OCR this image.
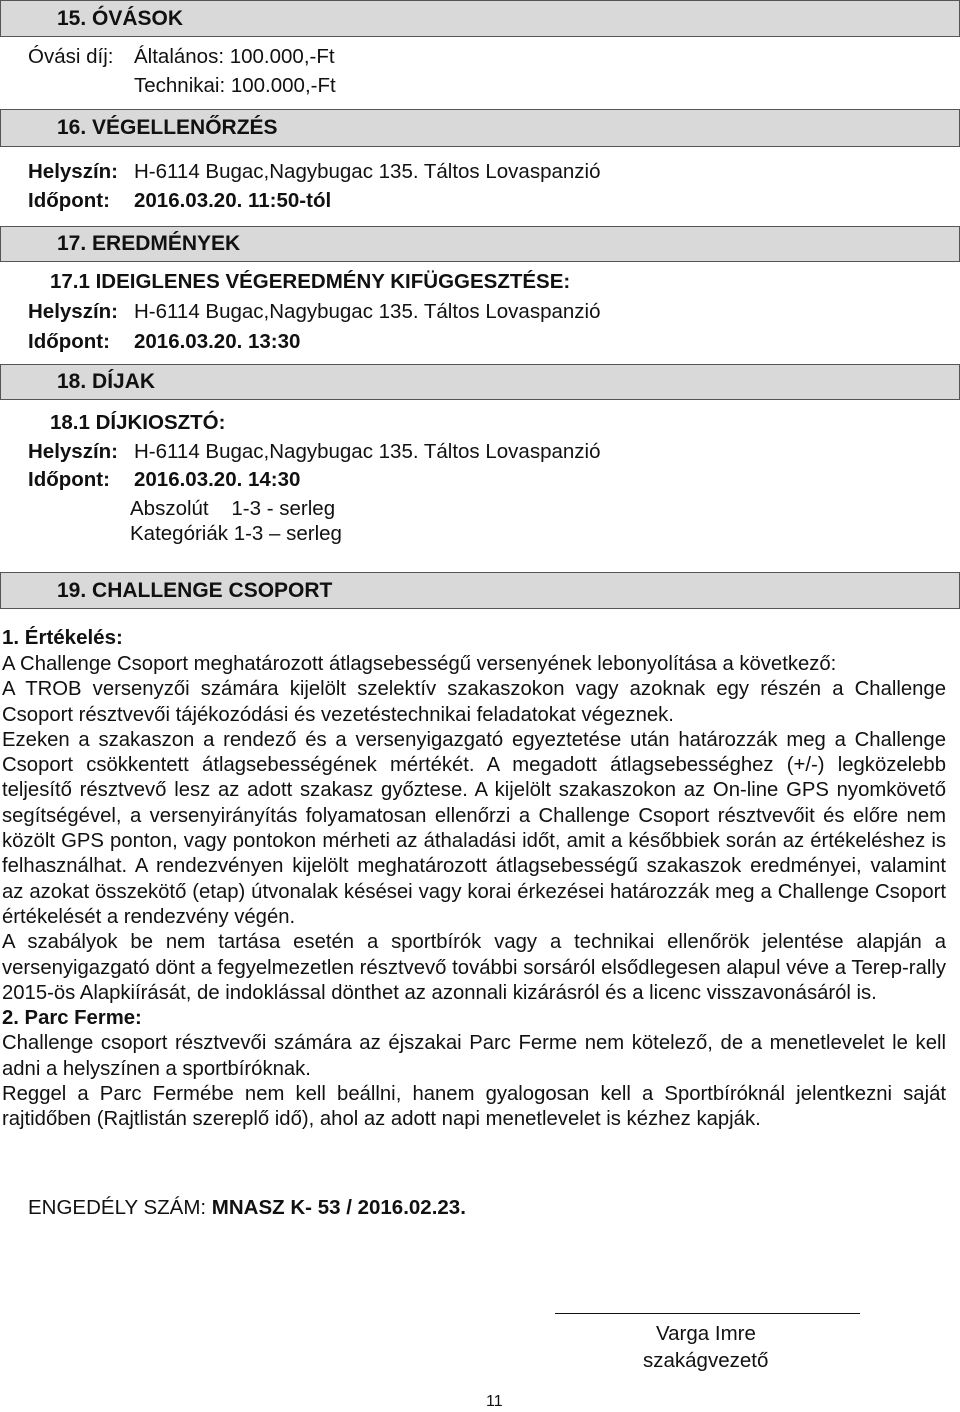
15. ÓVÁSOK
Óvási díj: Általános: 100.000,-Ft
Technikai: 100.000,-Ft
16. VÉGELLENŐRZÉS
Helyszín: H-6114 Bugac,Nagybugac 135. Táltos Lovaspanzió
Időpont: 2016.03.20. 11:50-tól
17. EREDMÉNYEK
17.1 IDEIGLENES VÉGEREDMÉNY KIFÜGGESZTÉSE:
Helyszín: H-6114 Bugac,Nagybugac 135. Táltos Lovaspanzió
Időpont: 2016.03.20. 13:30
18. DÍJAK
18.1 DÍJKIOSZTÓ:
Helyszín: H-6114 Bugac,Nagybugac 135. Táltos Lovaspanzió
Időpont: 2016.03.20. 14:30
Abszolút    1-3 - serleg
Kategóriák 1-3 – serleg
19. CHALLENGE CSOPORT
1. Értékelés:

A Challenge Csoport meghatározott átlagsebességű versenyének lebonyolítása a következő:

A TROB versenyzői számára kijelölt szelektív szakaszokon vagy azoknak egy részén a Challenge Csoport résztvevői tájékozódási és vezetéstechnikai feladatokat végeznek.

Ezeken a szakaszon a rendező és a versenyigazgató egyeztetése után határozzák meg a Challenge Csoport csökkentett átlagsebességének mértékét. A megadott átlagsebességhez (+/-) legközelebb teljesítő résztvevő lesz az adott szakasz győztese. A kijelölt szakaszokon az On-line GPS nyomkövető segítségével, a versenyirányítás folyamatosan ellenőrzi a Challenge Csoport résztvevőit és előre nem közölt GPS ponton, vagy pontokon mérheti az áthaladási időt, amit a későbbiek során az értékeléshez is felhasználhat. A rendezvényen kijelölt meghatározott átlagsebességű szakaszok eredményei, valamint az azokat összekötő (etap) útvonalak késései vagy korai érkezései határozzák meg a Challenge Csoport értékelését a rendezvény végén.

A szabályok be nem tartása esetén a sportbírók vagy a technikai ellenőrök jelentése alapján a versenyigazgató dönt a fegyelmezetlen résztvevő további sorsáról elsődlegesen alapul véve a Terep-rally 2015-ös Alapkiírását, de indoklással dönthet az azonnali kizárásról és a licenc visszavonásáról is.

2. Parc Ferme:

Challenge csoport résztvevői számára az éjszakai Parc Ferme nem kötelező, de a menetlevelet le kell adni a helyszínen a sportbíróknak.

Reggel a Parc Fermébe nem kell beállni, hanem gyalogosan kell a Sportbíróknál jelentkezni saját rajtidőben (Rajtlistán szereplő idő), ahol az adott napi menetlevelet is kézhez kapják.

ENGEDÉLY SZÁM: MNASZ K- 53 / 2016.02.23.
Varga Imre
szakágvezető
11
